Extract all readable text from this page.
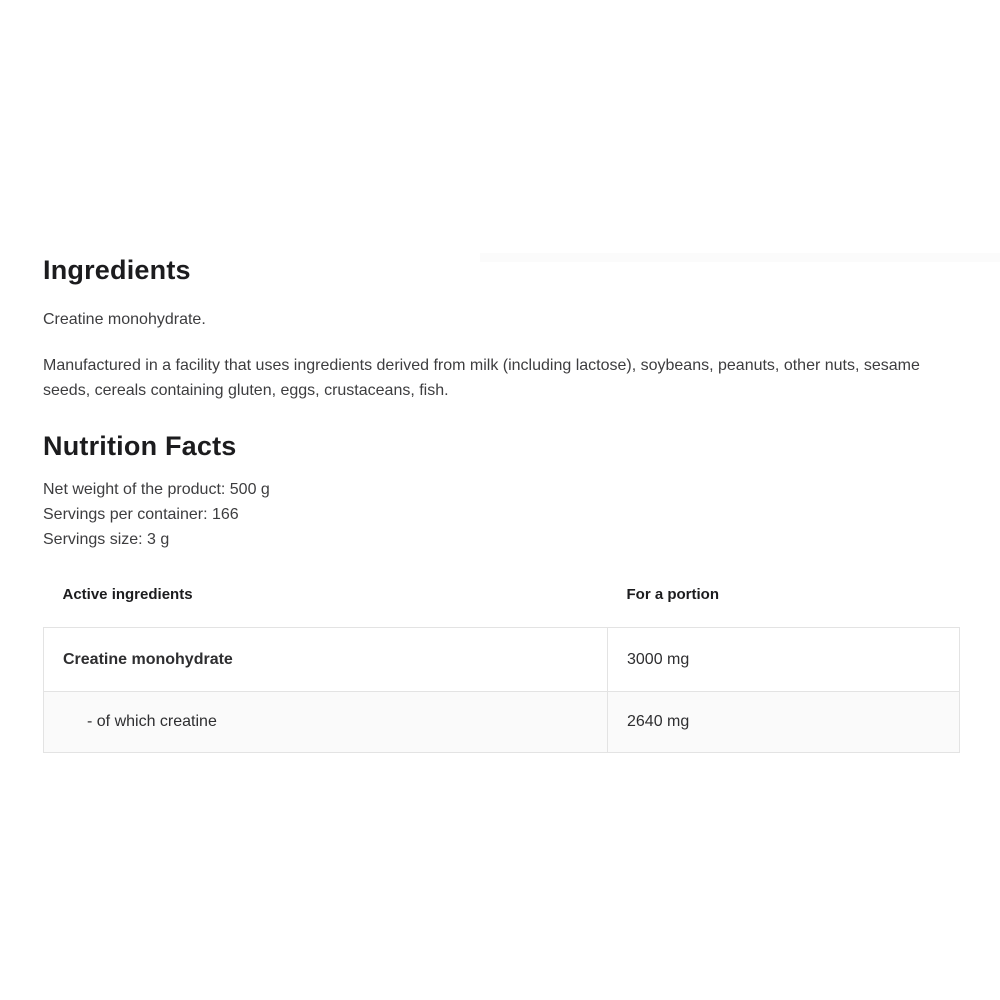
Ingredients

Creatine monohydrate.

Manufactured in a facility that uses ingredients derived from milk (including lactose), soybeans, peanuts, other nuts, sesame seeds, cereals containing gluten, eggs, crustaceans, fish.

Nutrition Facts
Net weight of the product: 500 g
Servings per container: 166
Servings size: 3 g
Active ingredients	For a portion
Creatine monohydrate	3000 mg
- of which creatine	2640 mg
